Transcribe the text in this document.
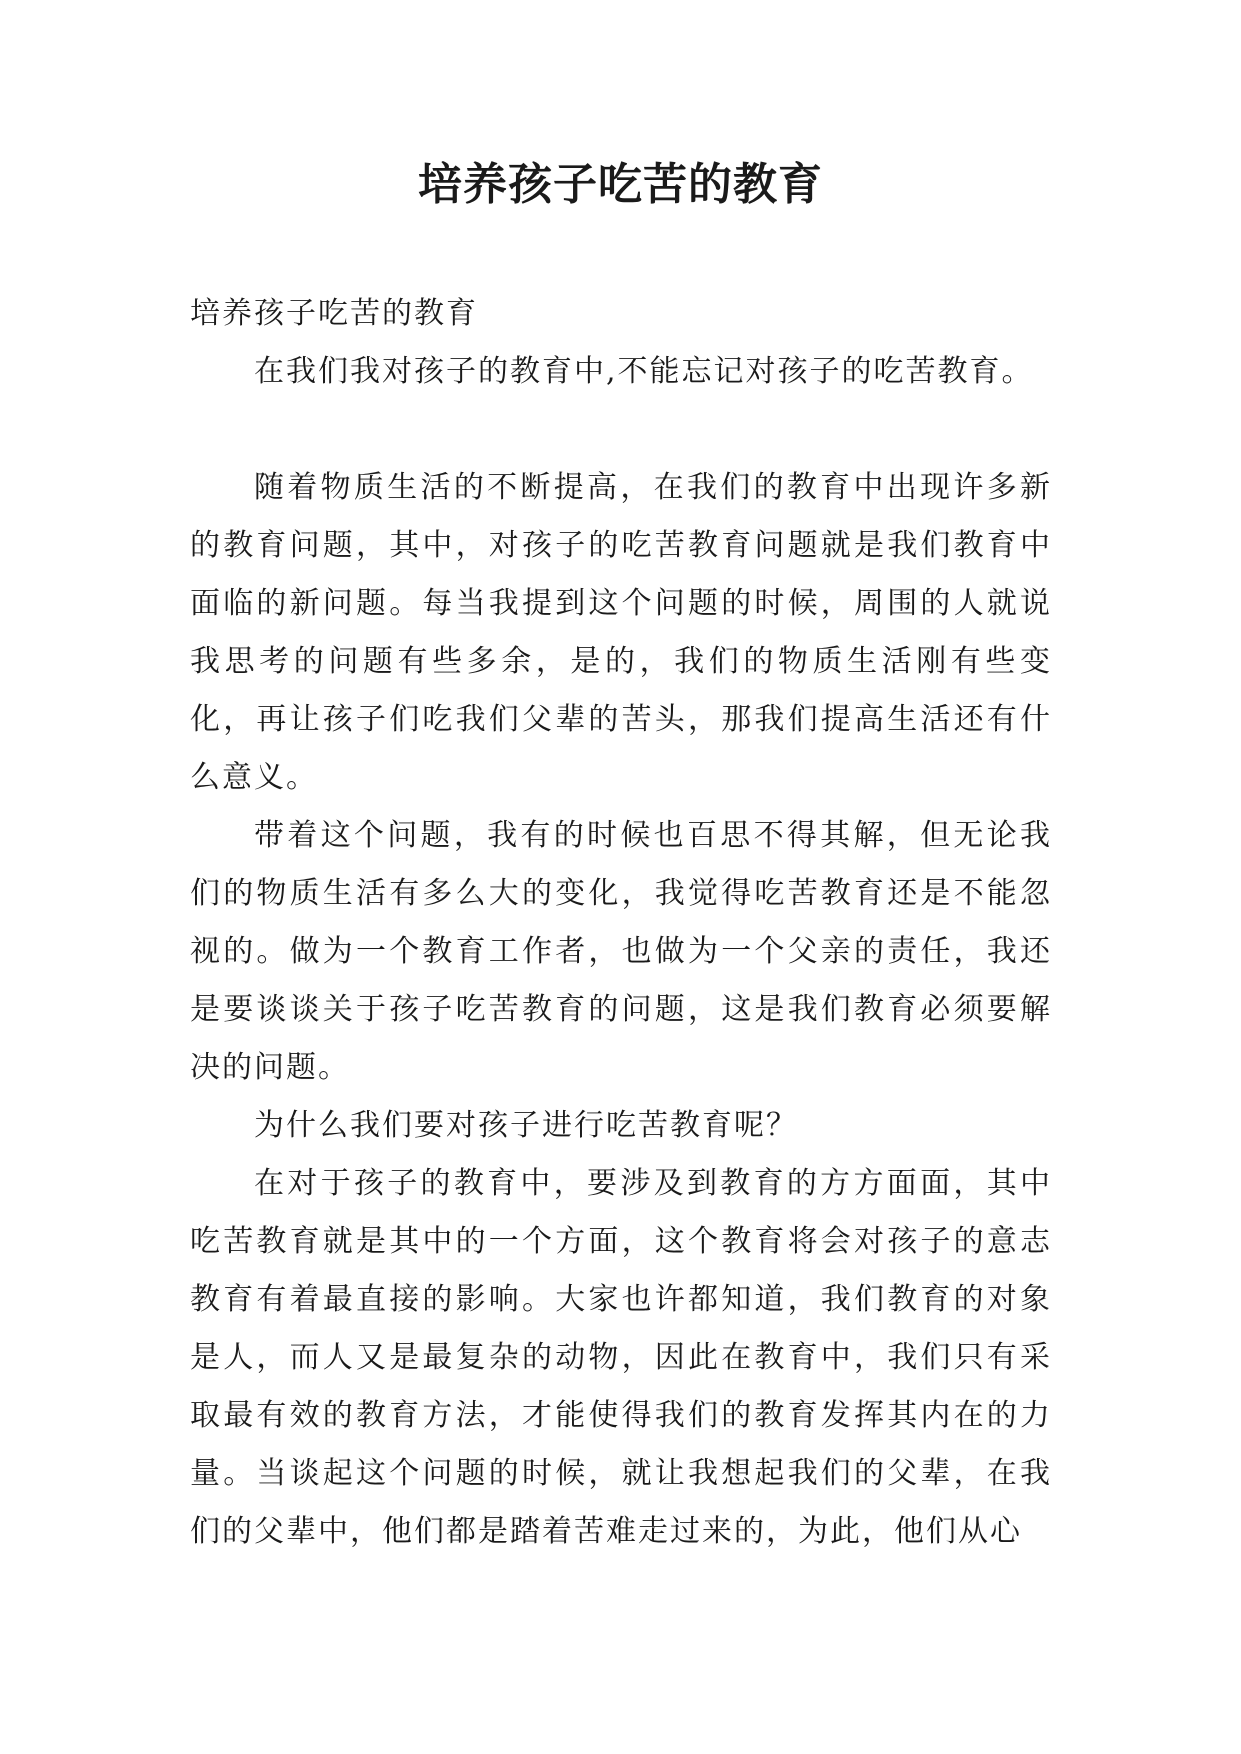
培养孩子吃苦的教育

培养孩子吃苦的教育

在我们我对孩子的教育中,不能忘记对孩子的吃苦教育。

随着物质生活的不断提高，在我们的教育中出现许多新的教育问题，其中，对孩子的吃苦教育问题就是我们教育中面临的新问题。每当我提到这个问题的时候，周围的人就说我思考的问题有些多余，是的，我们的物质生活刚有些变化，再让孩子们吃我们父辈的苦头，那我们提高生活还有什么意义。

带着这个问题，我有的时候也百思不得其解，但无论我们的物质生活有多么大的变化，我觉得吃苦教育还是不能忽视的。做为一个教育工作者，也做为一个父亲的责任，我还是要谈谈关于孩子吃苦教育的问题，这是我们教育必须要解决的问题。

为什么我们要对孩子进行吃苦教育呢？

在对于孩子的教育中，要涉及到教育的方方面面，其中吃苦教育就是其中的一个方面，这个教育将会对孩子的意志教育有着最直接的影响。大家也许都知道，我们教育的对象是人，而人又是最复杂的动物，因此在教育中，我们只有采取最有效的教育方法，才能使得我们的教育发挥其内在的力量。当谈起这个问题的时候，就让我想起我们的父辈，在我们的父辈中，他们都是踏着苦难走过来的，为此，他们从心
